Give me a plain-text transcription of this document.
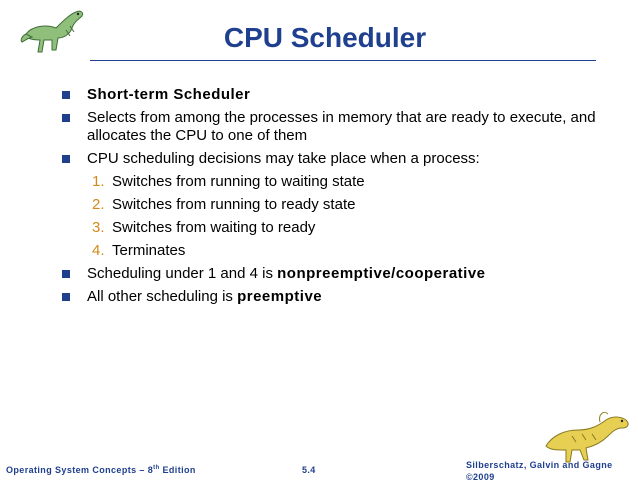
CPU Scheduler
Short-term Scheduler
Selects from among the processes in memory that are ready to execute, and allocates the CPU to one of them
CPU scheduling decisions may take place when a process:
1. Switches from running to waiting state
2. Switches from running to ready state
3. Switches from waiting to ready
4. Terminates
Scheduling under 1 and 4 is nonpreemptive/cooperative
All other scheduling is preemptive
Operating System Concepts – 8th Edition	5.4	Silberschatz, Galvin and Gagne ©2009
